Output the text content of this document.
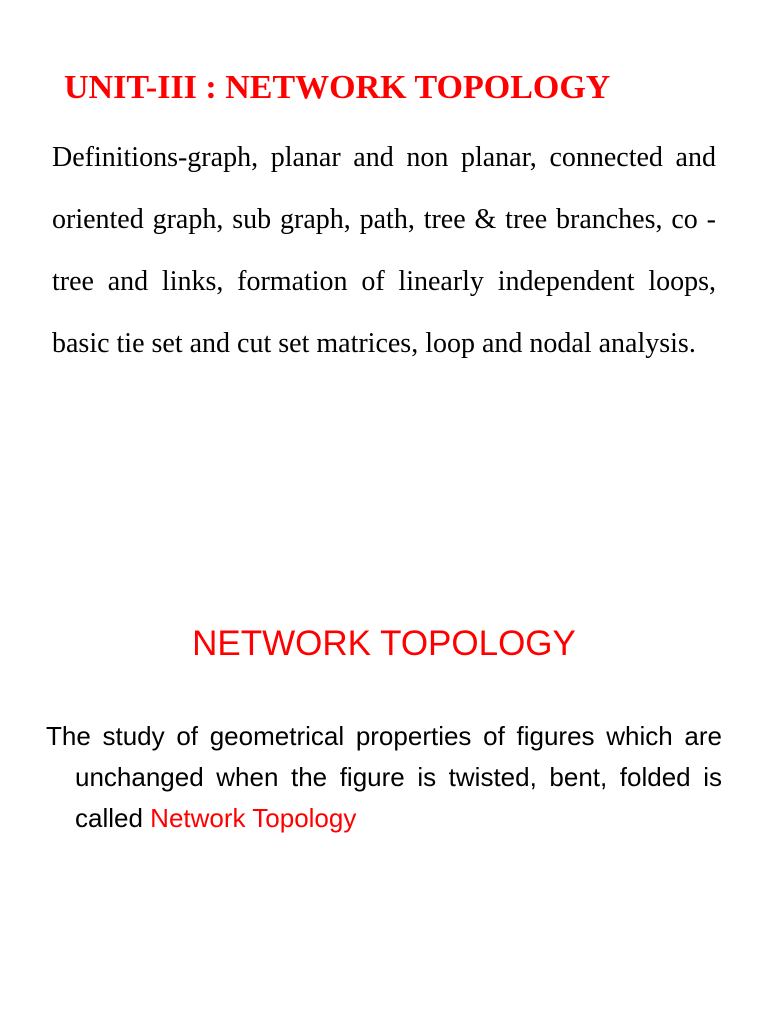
UNIT-III : NETWORK TOPOLOGY

Definitions-graph, planar and non planar, connected and oriented graph, sub graph, path, tree & tree branches, co - tree and links, formation of linearly independent loops, basic tie set and cut set matrices, loop and nodal analysis.

NETWORK TOPOLOGY

The study of geometrical properties of figures which are unchanged when the figure is twisted, bent, folded is called Network Topology
